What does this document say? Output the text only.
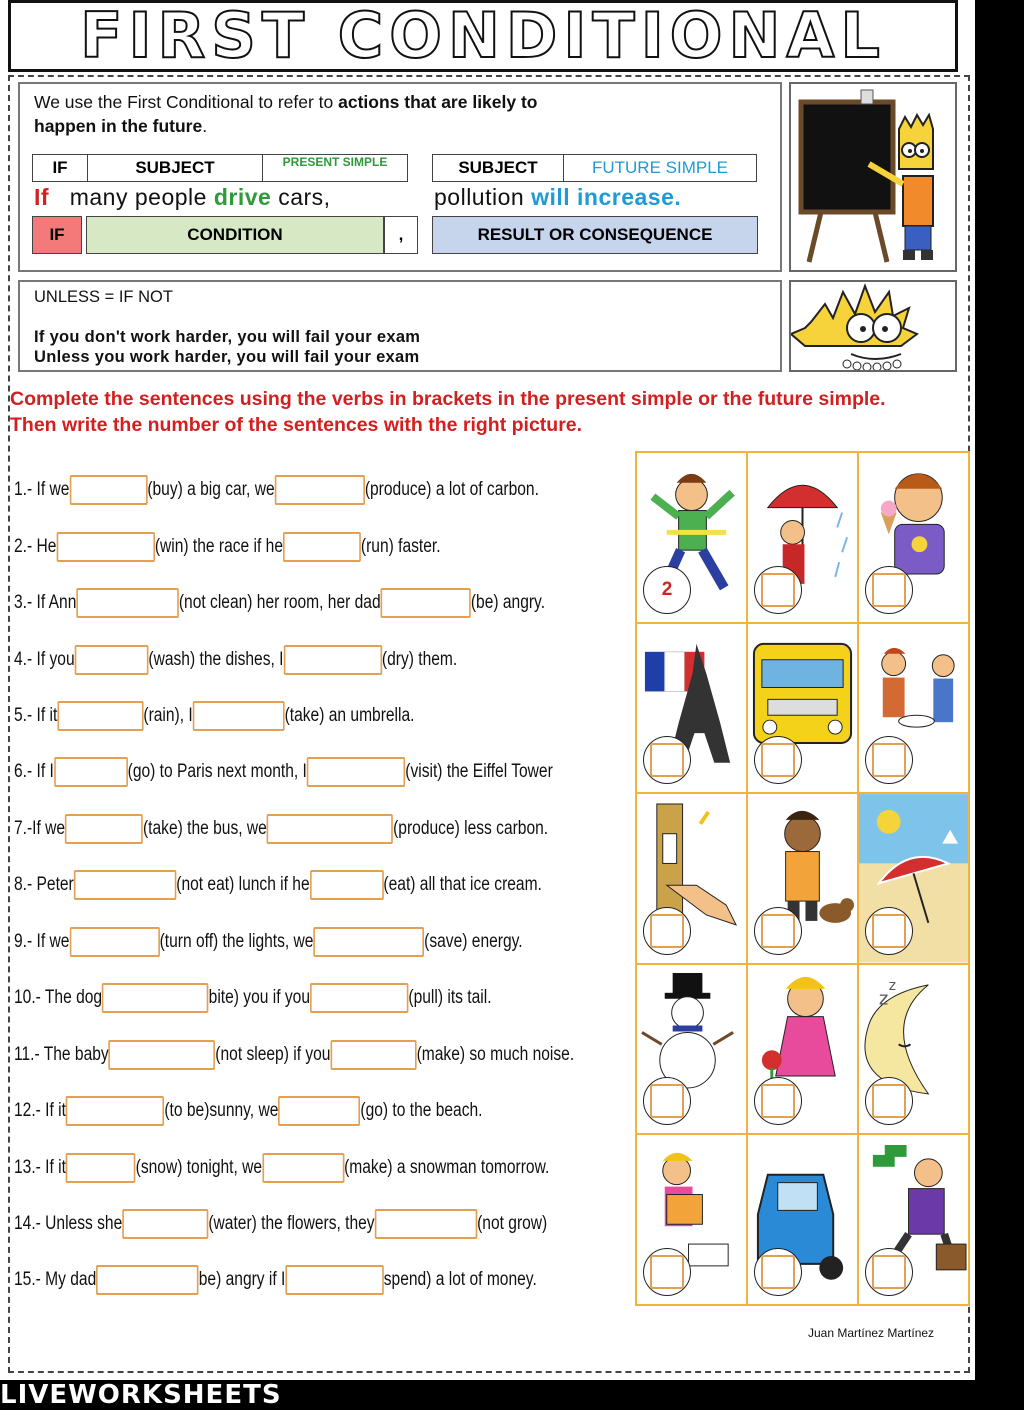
FIRST CONDITIONAL
We use the First Conditional to refer to actions that are likely to
happen in the future.
IF	SUBJECT	PRESENT SIMPLE	SUBJECT	FUTURE SIMPLE
If many people drive cars,	pollution will increase.
IF	CONDITION	,	RESULT OR CONSEQUENCE
UNLESS = IF NOT
If you don't work harder, you will fail your exam
Unless you work harder, you will fail your exam
Complete the sentences using the verbs in brackets in the present simple or the future simple. Then write the number of the sentences with the right picture.
1.- If we	(buy) a big car, we	(produce) a lot of carbon.
2.- He	(win) the race if he	(run) faster.
3.- If Ann	(not clean) her room, her dad	(be) angry.
4.- If you	(wash) the dishes, I	(dry) them.
5.- If it	(rain), I	(take) an umbrella.
6.- If I	(go) to Paris next month, I	(visit) the Eiffel Tower
7.-If we	(take) the bus, we	(produce) less carbon.
8.- Peter	(not eat) lunch if he	(eat) all that ice cream.
9.- If we	(turn off) the lights, we	(save) energy.
10.- The dog	bite) you if you	(pull) its tail.
11.- The baby	(not sleep) if you	(make) so much noise.
12.- If it	(to be)sunny, we	(go) to the beach.
13.- If it	(snow) tonight, we	(make) a snowman tomorrow.
14.- Unless she	(water) the flowers, they	(not grow)
15.- My dad	be) angry if I	spend) a lot of money.
2
z
z
Juan Martínez Martínez
LIVEWORKSHEETS
